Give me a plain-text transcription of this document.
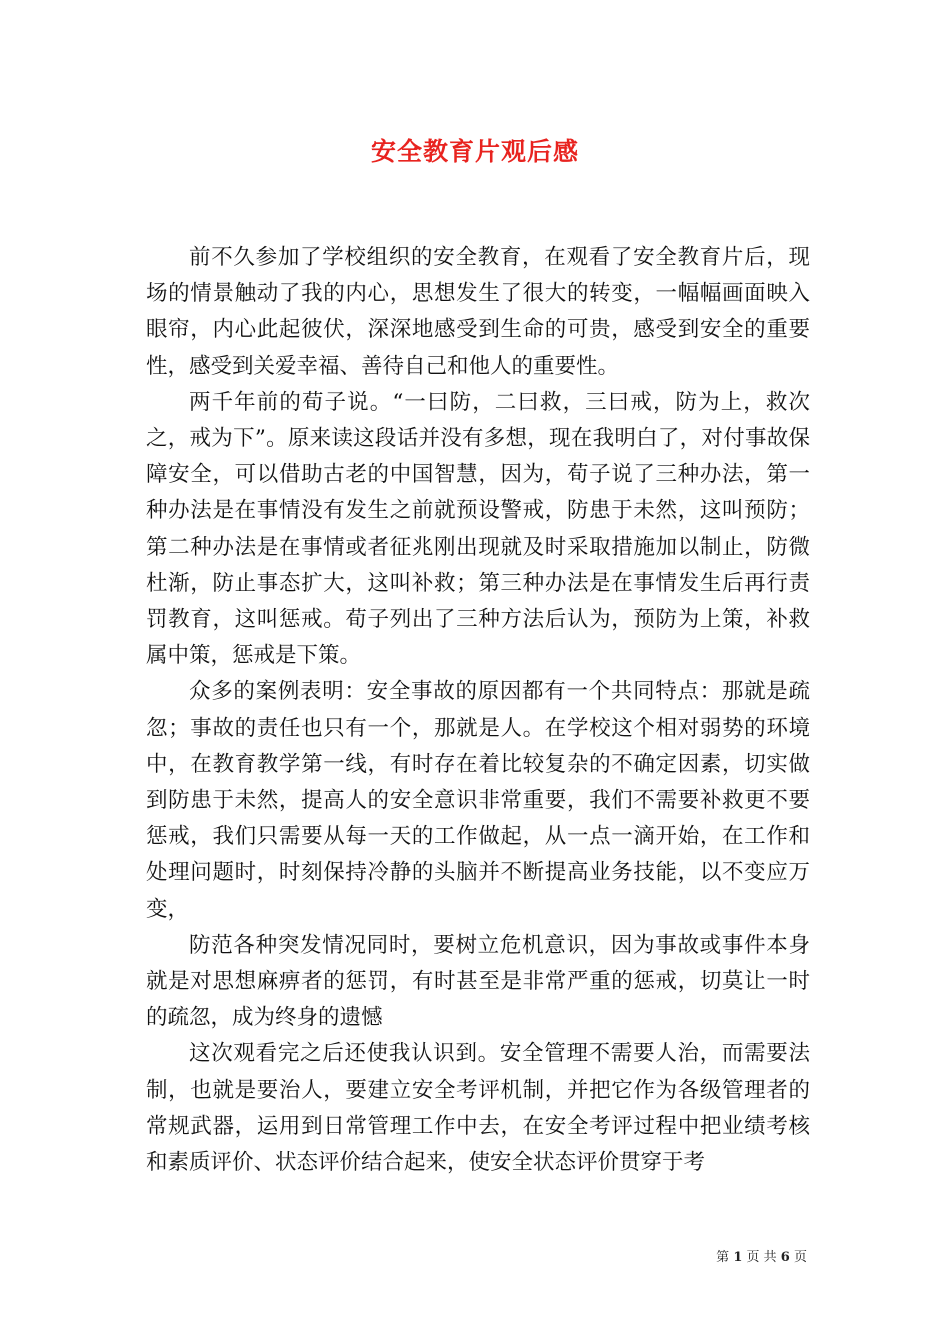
安全教育片观后感

前不久参加了学校组织的安全教育，在观看了安全教育片后，现场的情景触动了我的内心，思想发生了很大的转变，一幅幅画面映入眼帘，内心此起彼伏，深深地感受到生命的可贵，感受到安全的重要性，感受到关爱幸福、善待自己和他人的重要性。

两千年前的荀子说。“一曰防，二曰救，三曰戒，防为上，救次之，戒为下”。原来读这段话并没有多想，现在我明白了，对付事故保障安全，可以借助古老的中国智慧，因为，荀子说了三种办法，第一种办法是在事情没有发生之前就预设警戒，防患于未然，这叫预防；第二种办法是在事情或者征兆刚出现就及时采取措施加以制止，防微杜渐，防止事态扩大，这叫补救；第三种办法是在事情发生后再行责罚教育，这叫惩戒。荀子列出了三种方法后认为，预防为上策，补救属中策，惩戒是下策。

众多的案例表明：安全事故的原因都有一个共同特点：那就是疏忽；事故的责任也只有一个，那就是人。在学校这个相对弱势的环境中，在教育教学第一线，有时存在着比较复杂的不确定因素，切实做到防患于未然，提高人的安全意识非常重要，我们不需要补救更不要惩戒，我们只需要从每一天的工作做起，从一点一滴开始，在工作和处理问题时，时刻保持冷静的头脑并不断提高业务技能，以不变应万变，

防范各种突发情况同时，要树立危机意识，因为事故或事件本身就是对思想麻痹者的惩罚，有时甚至是非常严重的惩戒，切莫让一时的疏忽，成为终身的遗憾

这次观看完之后还使我认识到。安全管理不需要人治，而需要法制，也就是要治人，要建立安全考评机制，并把它作为各级管理者的常规武器，运用到日常管理工作中去，在安全考评过程中把业绩考核和素质评价、状态评价结合起来，使安全状态评价贯穿于考

第 1 页 共 6 页
